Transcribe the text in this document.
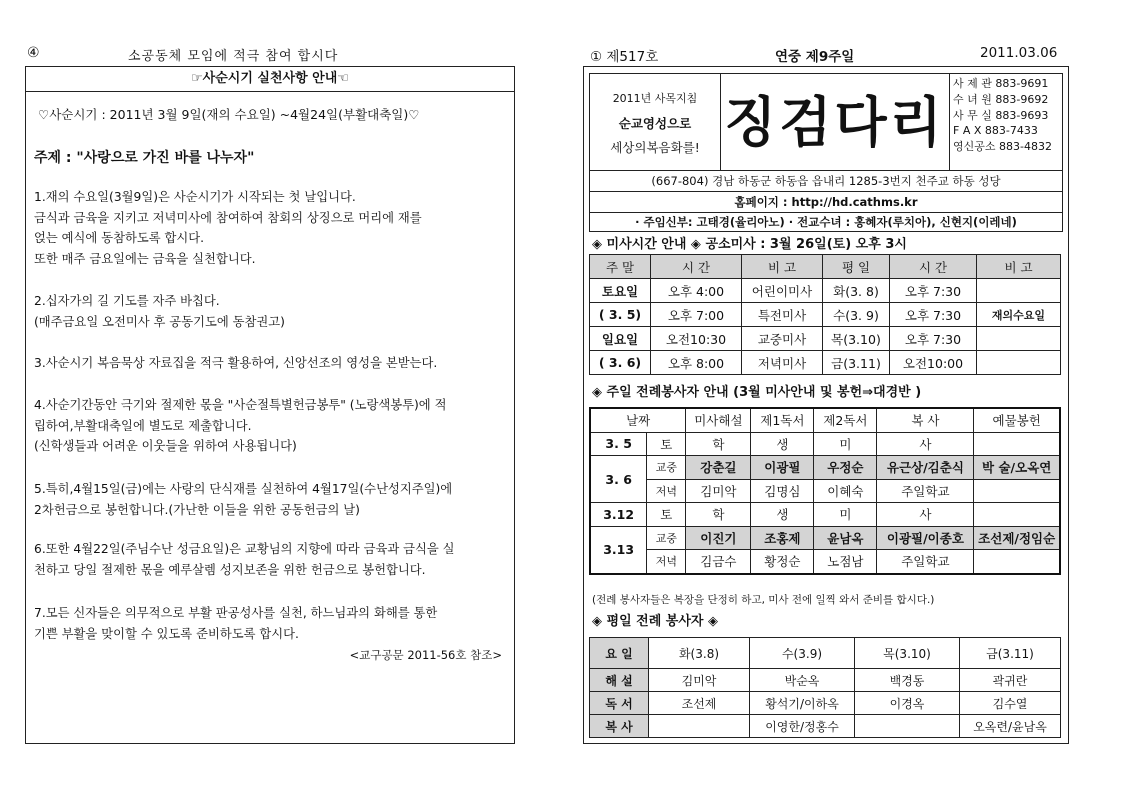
④	소공동체 모임에 적극 참여 합시다
☞사순시기 실천사항 안내☜
♡사순시기 : 2011년 3월 9일(재의 수요일) ~4월24일(부활대축일)♡
주제 : "사랑으로 가진 바를 나누자"
1.재의 수요일(3월9일)은 사순시기가 시작되는 첫 날입니다.
금식과 금육을 지키고 저녁미사에 참여하여 참회의 상징으로 머리에 재를
얹는 예식에 동참하도록 합시다.
또한 매주 금요일에는 금육을 실천합니다.
2.십자가의 길 기도를 자주 바칩다.
(매주금요일 오전미사 후 공동기도에 동참권고)
3.사순시기 복음묵상 자료집을 적극 활용하여, 신앙선조의 영성을 본받는다.
4.사순기간동안 극기와 절제한 몫을 "사순절특별헌금봉투" (노랑색봉투)에 적
립하여,부활대축일에 별도로 제출합니다.
(신학생들과 어려운 이웃들을 위하여 사용됩니다)
5.특히,4월15일(금)에는 사랑의 단식재를 실천하여 4월17일(수난성지주일)에
2차헌금으로 봉헌합니다.(가난한 이들을 위한 공동헌금의 날)
6.또한 4월22일(주님수난 성금요일)은 교황님의 지향에 따라 금육과 금식을 실
천하고 당일 절제한 몫을 예루살렘 성지보존을 위한 헌금으로 봉헌합니다.
7.모든 신자들은 의무적으로 부활 판공성사를 실천, 하느님과의 화해를 통한
기쁜 부활을 맞이할 수 있도록 준비하도록 합시다.
<교구공문 2011-56호 참조>
① 제517호	연중 제9주일	2011.03.06
2011년 사목지침
순교영성으로
세상의복음화를! 징검다리
사 제 관 883-9691
수 녀 원 883-9692
사 무 실 883-9693
F A X 883-7433
영신공소 883-4832
(667-804) 경남 하동군 하동읍 읍내리 1285-3번지 천주교 하동 성당
홈페이지 : http://hd.cathms.kr
· 주임신부: 고태경(율리아노) · 전교수녀 : 홍혜자(루치아), 신현지(이레네)
◈ 미사시간 안내 ◈ 공소미사 : 3월 26일(토) 오후 3시
주 말	시 간	비 고	평 일	시 간	비 고
토요일	오후 4:00	어린이미사	화(3. 8)	오후 7:30	
( 3. 5)	오후 7:00	특전미사	수(3. 9)	오후 7:30	재의수요일
일요일	오전10:30	교중미사	목(3.10)	오후 7:30	
( 3. 6)	오후 8:00	저녁미사	금(3.11)	오전10:00	
◈ 주일 전례봉사자 안내 (3월 미사안내 및 봉헌⇒대경반 )
날짜		미사해설	제1독서	제2독서	복 사	예물봉헌
3. 5	토	학	생	미	사	
3. 6	교중	강춘길	이광필	우정순	유근상/김춘식	박 술/오옥연
	저녁	김미악	김명심	이혜숙	주일학교	
3.12	토	학	생	미	사	
3.13	교중	이진기	조홍제	윤남옥	이광필/이종호	조선제/정임순
	저녁	김금수	황정순	노점남	주일학교	
(전례 봉사자들은 복장을 단정히 하고, 미사 전에 일찍 와서 준비를 합시다.)
◈ 평일 전례 봉사자 ◈
요 일	화(3.8)	수(3.9)	목(3.10)	금(3.11)
해 설	김미악	박순옥	백경동	곽귀란
독 서	조선제	황석기/이하옥	이경옥	김수열
복 사		이영한/정홍수		오옥련/윤남옥
